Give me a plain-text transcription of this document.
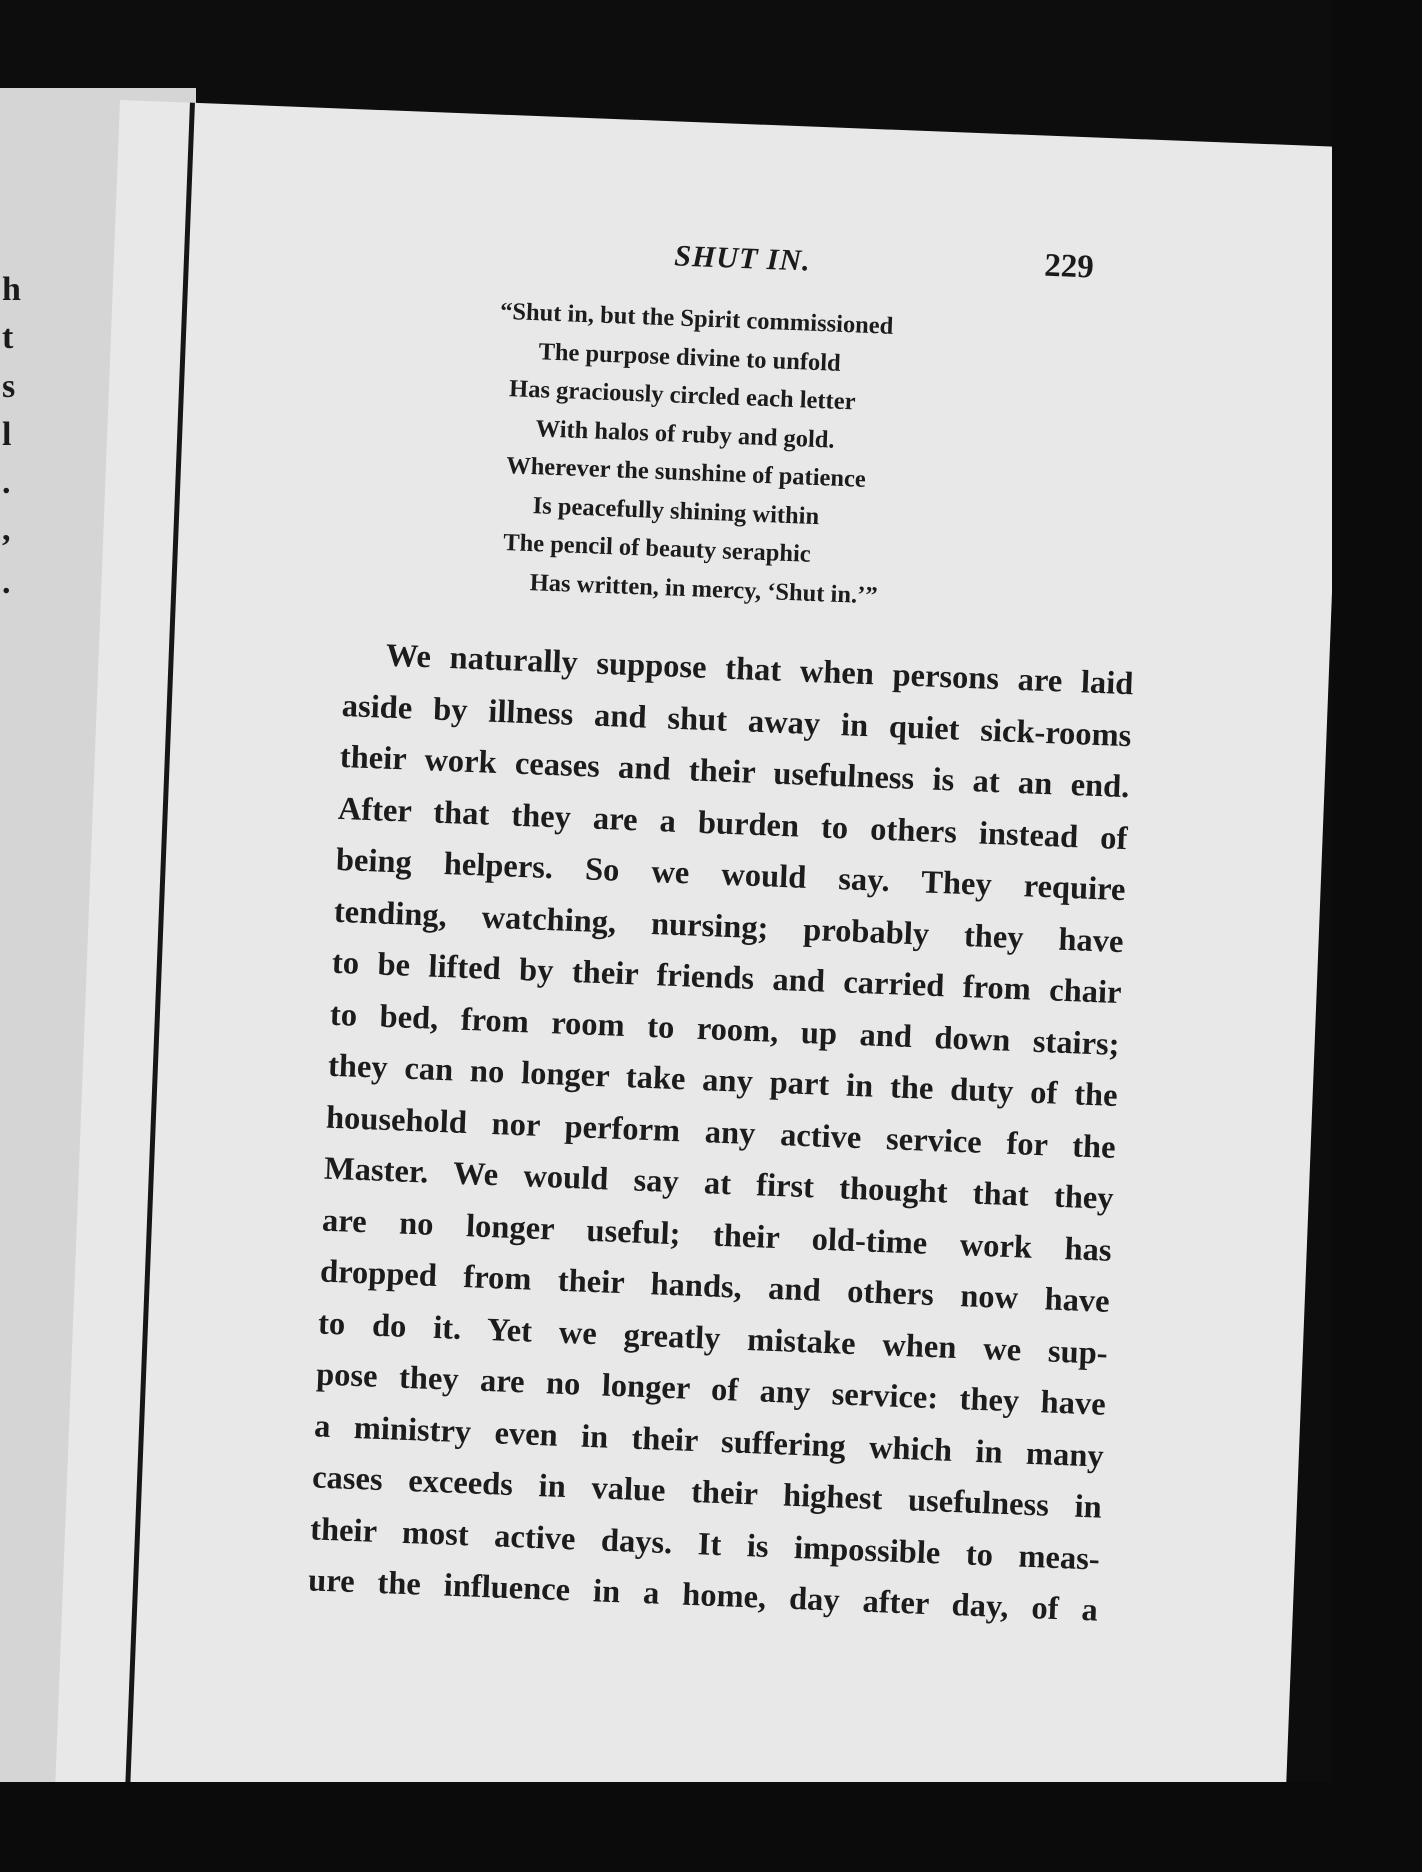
h
t
s
l
.
,
.
SHUT IN.	229
“Shut in, but the Spirit commissioned
The purpose divine to unfold
Has graciously circled each letter
With halos of ruby and gold.
Wherever the sunshine of patience
Is peacefully shining within
The pencil of beauty seraphic
Has written, in mercy, ‘Shut in.’”
We naturally suppose that when persons are laid
aside by illness and shut away in quiet sick-rooms
their work ceases and their usefulness is at an end.
After that they are a burden to others instead of
being helpers. So we would say. They require
tending, watching, nursing; probably they have
to be lifted by their friends and carried from chair
to bed, from room to room, up and down stairs;
they can no longer take any part in the duty of the
household nor perform any active service for the
Master. We would say at first thought that they
are no longer useful; their old-time work has
dropped from their hands, and others now have
to do it. Yet we greatly mistake when we sup-
pose they are no longer of any service: they have
a ministry even in their suffering which in many
cases exceeds in value their highest usefulness in
their most active days. It is impossible to meas-
ure the influence in a home, day after day, of a
